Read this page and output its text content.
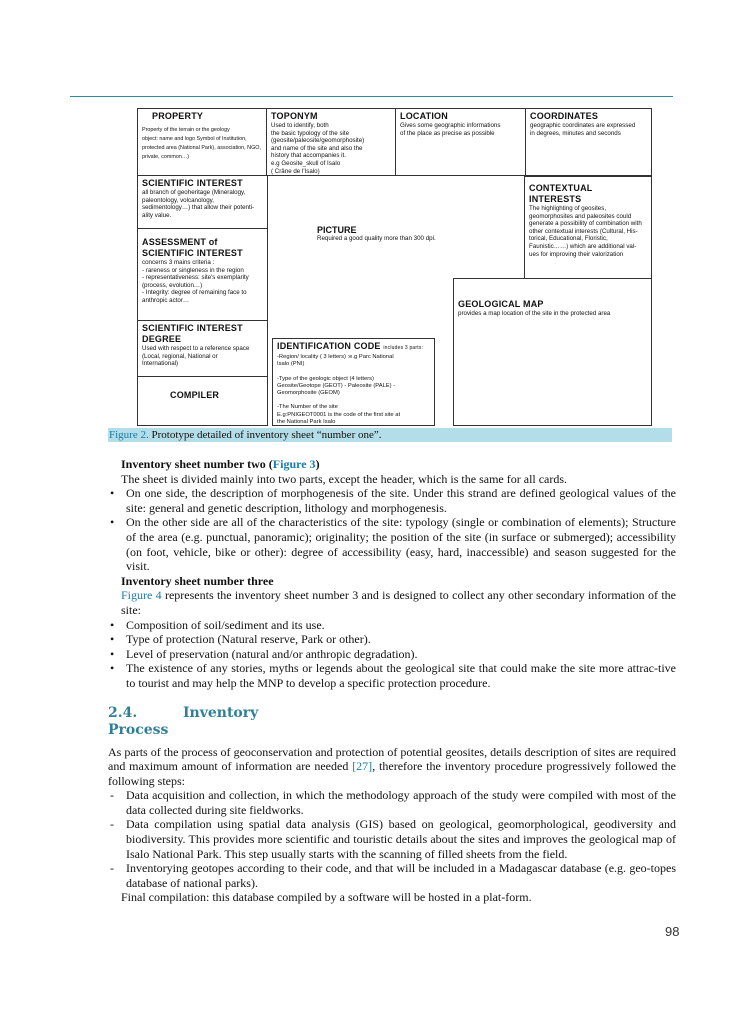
PROPERTY
Property of the terrain or the geology
object: name and logo Symbol of Institution,
protected area (National Park), association, NGO,
private, common…)
TOPONYM
Used to identify, both
the basic typology of the site
(geosite/paleosite/geomorphosite)
and name of the site and also the
history that accompanies it.
e.g Geosite_skull of Isalo
( Crâne de l'Isalo)
LOCATION
Gives some geographic informations
of the place as precise as possible
COORDINATES
geographic coordinates are expressed
in degrees, minutes and seconds
SCIENTIFIC INTEREST
all branch of geoheritage (Mineralogy,
paleontology, volcanology,
sedimentology…) that allow their potenti-
ality value.
ASSESSMENT of
SCIENTIFIC INTEREST
concerns 3 mains criteria :
- rareness or singleness in the region
- representativeness: site's exemplarity
(process, evolution…)
- Integrity: degree of remaining face to
anthropic actor…
SCIENTIFIC INTEREST
DEGREE
Used with respect to a reference space
(Local, regional, National or
International)
COMPILER
PICTURE
Required a good quality more than 300 dpi.
CONTEXTUAL INTERESTS
The highlighting of geosites,
geomorphosites and paleosites could
generate a possibility of combination with
other contextual interests (Cultural, His-
torical, Educational, Floristic,
Faunistic……) which are additional val-
ues for improving their valorization
GEOLOGICAL MAP
provides a map location of the site in the protected area
IDENTIFICATION CODE includes 3 parts:
-Region/ locality ( 3 letters) :e.g Parc National
Isalo (PNI)

-Type of the geologic object (4 letters)
Geosite/Geotope (GEOT) - Paleosite (PALE) -
Geomorphosite (GEOM)

-The Number of the site
E.g:PNIGEOT0001 is the code of the first site at
the National Park Isalo
Figure 2. Prototype detailed of inventory sheet “number one”.

Inventory sheet number two (Figure 3)

The sheet is divided mainly into two parts, except the header, which is the same for all cards.

• On one side, the description of morphogenesis of the site. Under this strand are defined geological values of the site: general and genetic description, lithology and morphogenesis.
• On the other side are all of the characteristics of the site: typology (single or combination of elements); Structure of the area (e.g. punctual, panoramic); originality; the position of the site (in surface or submerged); accessibility (on foot, vehicle, bike or other): degree of accessibility (easy, hard, inaccessible) and season suggested for the visit.

Inventory sheet number three

Figure 4 represents the inventory sheet number 3 and is designed to collect any other secondary information of the site:

• Composition of soil/sediment and its use.
• Type of protection (Natural reserve, Park or other).
• Level of preservation (natural and/or anthropic degradation).
• The existence of any stories, myths or legends about the geological site that could make the site more attrac-tive to tourist and may help the MNP to develop a specific protection procedure.
2.4.	Inventory
Process

As parts of the process of geoconservation and protection of potential geosites, details description of sites are required and maximum amount of information are needed [27], therefore the inventory procedure progressively followed the following steps:

- Data acquisition and collection, in which the methodology approach of the study were compiled with most of the data collected during site fieldworks.
- Data compilation using spatial data analysis (GIS) based on geological, geomorphological, geodiversity and biodiversity. This provides more scientific and touristic details about the sites and improves the geological map of Isalo National Park. This step usually starts with the scanning of filled sheets from the field.
- Inventorying geotopes according to their code, and that will be included in a Madagascar database (e.g. geo-topes database of national parks).

Final compilation: this database compiled by a software will be hosted in a plat-form.

98
